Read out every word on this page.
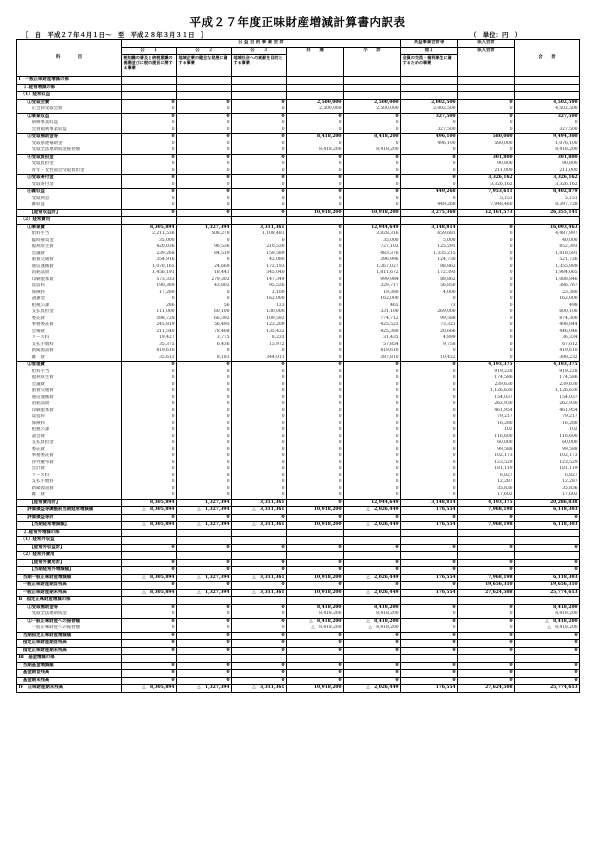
平成２７年度正味財産増減計算書内訳表
［　自　平成２７年４月１日～　至　平成２８年３月３１日　］	（　単位：円　）
科　　　　目	公 益 目 的 事 業 会 計					共益事業会計等	法人会計	合　　計
	公　　１	公　　２	公　　３	共　　通	小　　計	他１	法人会計	
	税知識の普及と納税意識の高揚並びに税の提言に関する事業	地域企業の健全な発展に資する事業	地域社会への貢献を目的とする事業			会員の交流・福利厚生に資するための事業		
Ⅰ　一般正味財産増減の部								
　１.経常増減の部								
　（1）経常収益								
　　①受取会費	0	0	0	2,500,000	2,500,000	2,002,500	0	4,502,500
　　　正会員受取会費	0	0	0	2,500,000	2,500,000	2,002,500	0	4,502,500
　　②事業収益	0	0	0	0	0	327,500	0	327,500
　　　研修事業収益	0	0	0	0	0	0	0	0
　　　会員福利事業収益	0	0	0	0	0	327,500	0	327,500
　　③受取補助金等	0	0	0	8,418,200	8,418,200	496,100	580,000	9,494,300
　　　受取県連補助金	0	0	0	0	0	496,100	580,000	1,076,100
　　　受取全法連助成金振替額	0	0	0	8,418,200	8,418,200	0	0	8,418,200
　　④受取負担金	0	0	0	0	0	0	301,800	301,800
　　　受取負担金	0	0	0	0	0	0	90,800	90,800
　　　青年・女性部会受取負担金	0	0	0	0	0	0	211,000	211,000
　　⑤受取寄付金	0	0	0	0	0	0	3,326,162	3,326,162
　　　受取寄付金	0	0	0	0	0	0	3,326,162	3,326,162
　　⑥雑収益	0	0	0	0	0	449,268	7,953,611	8,402,879
　　　受取利息	0	0	0	0	0	0	5,151	5,151
　　　雑収益	0	0	0	0	0	449,268	7,948,460	8,397,728
　　　【経常収益計】	0	0	0	10,918,200	10,918,200	3,275,368	12,161,573	26,355,141
　（2）経常費用								
　　①事業費	8,305,894	1,327,394	3,311,361	0	12,944,649	3,148,814	0	16,093,463
　　　給料手当	2,211,536	508,279	1,108,481	0	3,828,316	659,681	0	4,487,997
　　　臨時雇賃金	35,000	0	0	0	35,000	5,000	0	40,000
　　　福利厚生費	420,036	96,536	210,530	0	727,102	125,291	0	852,393
　　　会議費	239,268	84,519	159,589	0	483,376	1,335,215	0	1,818,591
　　　旅費交通費	354,916	0	42,080	0	396,996	124,730	0	521,726
　　　通信運搬費	1,070,165	24,669	172,193	0	1,267,027	88,862	0	1,355,889
　　　消耗品費	1,456,191	18,441	345,040	0	1,811,672	172,393	0	1,984,065
　　　印刷製本費	573,333	279,302	147,349	0	999,984	88,862	0	1,088,846
　　　賃借料	190,389	43,802	95,526	0	329,717	56,850	0	386,767
　　　保険料	17,280	0	2,100	0	19,380	4,000	0	23,380
　　　諸謝金	0	0	162,000	0	162,000	0	0	162,000
　　　租税公課	286	56	123	0	465	73	0	498
　　　支払負担金	111,000	60,100	130,000	0	331,100	269,000	0	600,100
　　　委託費	598,728	66,392	109,592	0	774,712	99,588	0	874,300
　　　事務委託費	245,819	56,495	123,209	0	425,523	73,321	0	498,844
　　　会場費	211,540	78,408	135,432	0	425,380	20,666	0	446,046
　　　リース料	19,427	3,775	8,233	0	31,435	4,899	0	36,334
　　　支払手数料	35,375	6,436	15,972	0	57,854	9,758	0	67,612
　　　新聞図書費	419,610	0	0	0	419,610	0	0	419,610
　　　雑　費	35,613	8,181	344,011	0	387,810	10,422	0	398,232
　　②管理費	0	0	0	0	0	0	4,193,375	4,193,375
　　　給料手当	0	0	0	0	0	0	919,228	919,228
　　　福利厚生費	0	0	0	0	0	0	174,586	174,586
　　　会議費	0	0	0	0	0	0	239,630	239,630
　　　旅費交通費	0	0	0	0	0	0	1,126,630	1,126,630
　　　通信運搬費	0	0	0	0	0	0	154,037	154,037
　　　消耗品費	0	0	0	0	0	0	262,930	262,930
　　　印刷製本費	0	0	0	0	0	0	461,954	461,954
　　　賃借料	0	0	0	0	0	0	79,217	79,217
　　　保険料	0	0	0	0	0	0	16,280	16,280
　　　租税公課	0	0	0	0	0	0	102	102
　　　諸会費	0	0	0	0	0	0	116,600	116,600
　　　支払負担金	0	0	0	0	0	0	60,000	60,000
　　　委託費	0	0	0	0	0	0	99,588	99,588
　　　事務委託費	0	0	0	0	0	0	102,173	102,173
　　　渉外慶弔費	0	0	0	0	0	0	123,529	123,529
　　　会計費	0	0	0	0	0	0	181,119	181,119
　　　リース料	0	0	0	0	0	0	6,827	6,827
　　　支払手数料	0	0	0	0	0	0	12,287	12,287
　　　新聞図書費	0	0	0	0	0	0	35,836	35,836
　　　雑　費	0	0	0	0	0	0	17,602	17,602
　　　【経常費用計】	8,305,894	1,327,394	3,311,361	0	12,944,649	3,148,814	4,193,375	20,286,838
　　評価損益等調整前当期経常増減額	△　8,305,894	△　1,327,394	△　3,311,361	10,918,200	△　2,026,449	176,554	7,968,198	6,118,303
　　評価損益等計	0	0	0	0	0	0	0	0
　　　【当期経常増減額】	△　8,305,894	△　1,327,394	△　3,311,361	10,918,200	△　2,026,449	176,554	7,968,198	6,118,303
　２.経常外増減の部								
　（1）経常外収益								
　　　【経常外収益計】	0	0	0	0	0	0	0	0
　（2）経常外費用								
　　　【経常外費用計】	0	0	0	0	0	0	0	0
　　　【当期経常外増減額】	0	0	0	0	0	0	0	0
　当期一般正味財産増減額	△　8,305,894	△　1,327,394	△　3,311,361	10,918,200	△　2,026,449	176,554	7,968,198	6,118,303
　一般正味財産期首残高	0	0	0	0	0	0	19,656,310	19,656,310
　一般正味財産期末残高	△　8,305,894	△　1,327,394	△　3,311,361	10,918,200	△　2,026,449	176,554	27,624,508	25,774,613
Ⅱ　指定正味財産増減の部								
　　①受取補助金等	0	0	0	8,418,200	8,418,200	0	0	8,418,200
　　　受取全法連助成金	0	0	0	8,418,200	8,418,200	0	0	8,418,200
　　②一般正味財産への振替額	0	0	0	△　8,418,200	△　8,418,200	0	0	△　8,418,200
　　　一般正味財産への振替額	0	0	0	△　8,418,200	△　8,418,200	0	0	△　8,418,200
　当期指定正味財産増減額	0	0	0	0	0	0	0	0
　指定正味財産期首残高	0	0	0	0	0	0	0	0
　指定正味財産期末残高	0	0	0	0	0	0	0	0
Ⅲ　基金増減の部								
　当期基金増減額	0	0	0	0	0	0	0	0
　基金期首残高	0	0	0	0	0	0	0	0
　基金期末残高	0	0	0	0	0	0	0	0
Ⅳ　正味財産期末残高	△　8,305,894	△　1,327,394	△　3,311,361	10,918,200	△　2,026,449	176,554	27,624,508	25,774,613
